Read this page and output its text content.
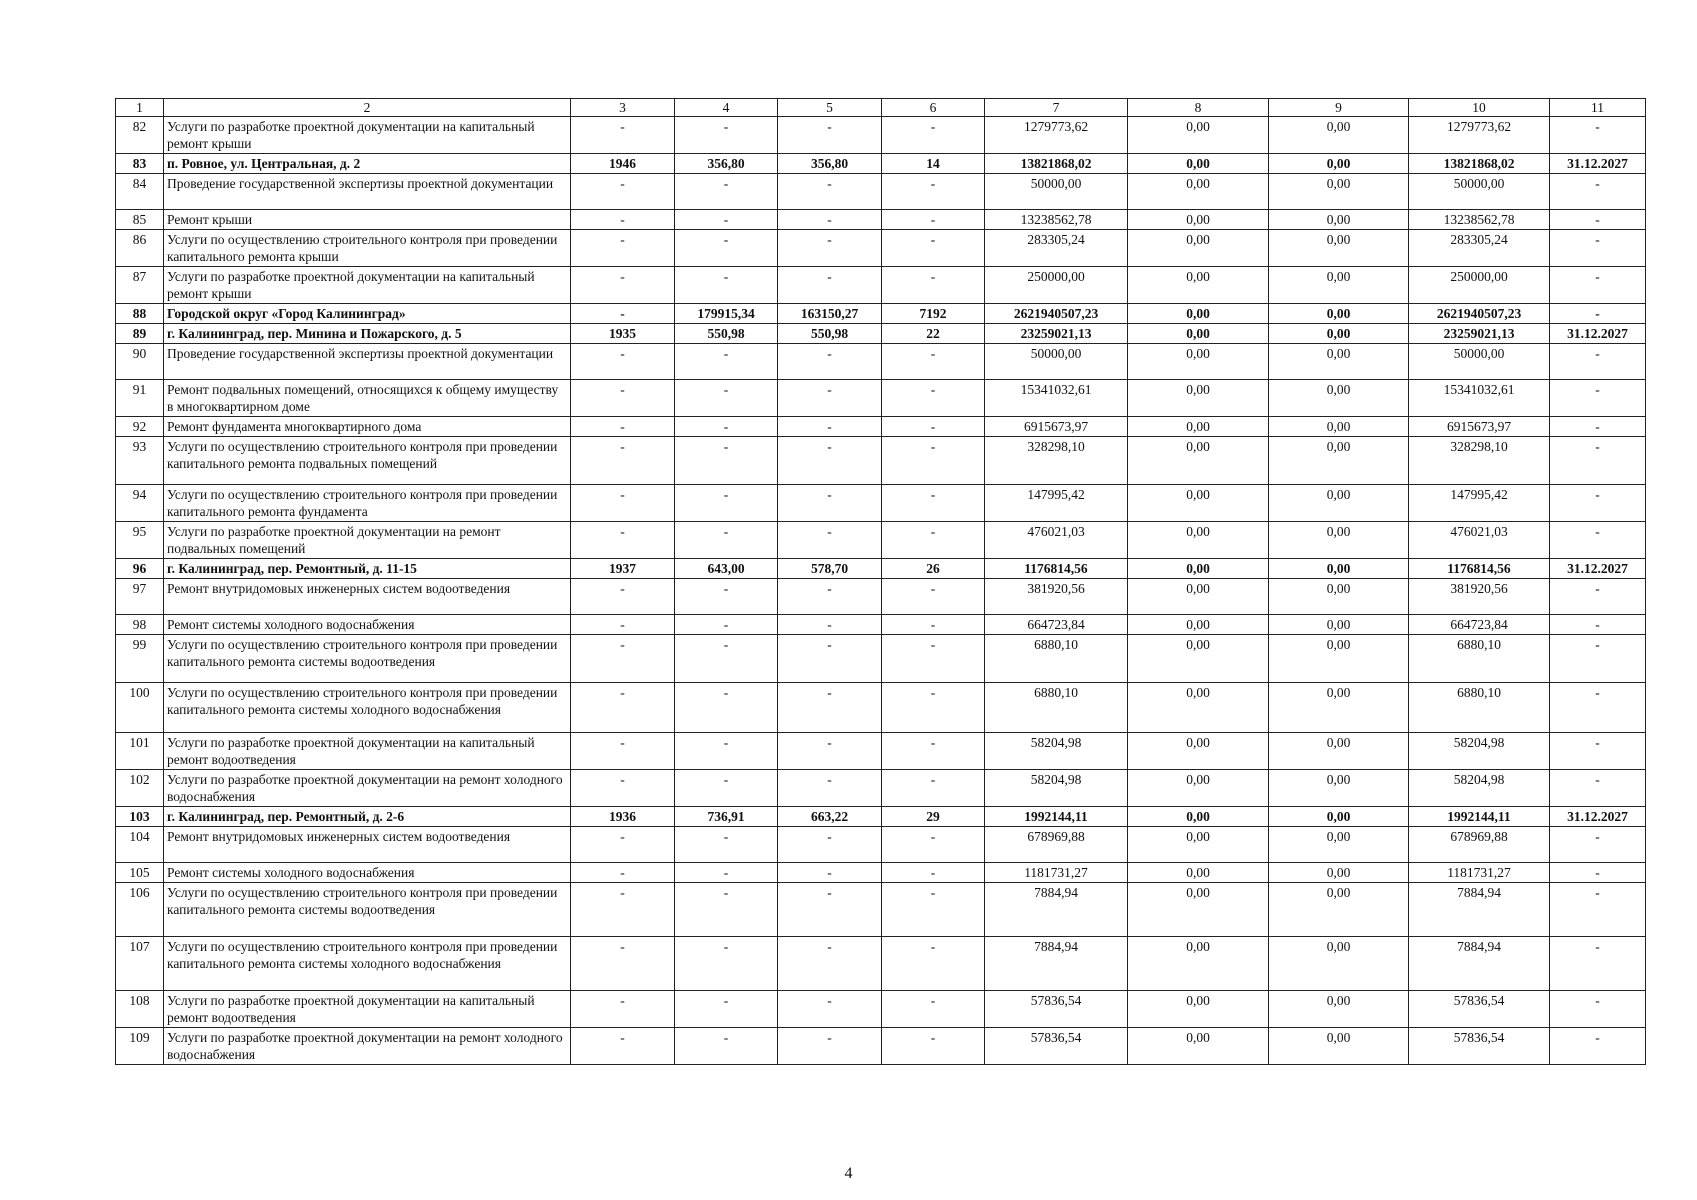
1	2	3	4	5	6	7	8	9	10	11
82	Услуги по разработке проектной документации на капитальный ремонт крыши	-	-	-	-	1279773,62	0,00	0,00	1279773,62	-
83	п. Ровное, ул. Центральная, д. 2	1946	356,80	356,80	14	13821868,02	0,00	0,00	13821868,02	31.12.2027
84	Проведение государственной экспертизы проектной документации	-	-	-	-	50000,00	0,00	0,00	50000,00	-
85	Ремонт крыши	-	-	-	-	13238562,78	0,00	0,00	13238562,78	-
86	Услуги по осуществлению строительного контроля при проведении капитального ремонта крыши	-	-	-	-	283305,24	0,00	0,00	283305,24	-
87	Услуги по разработке проектной документации на капитальный ремонт крыши	-	-	-	-	250000,00	0,00	0,00	250000,00	-
88	Городской округ «Город Калининград»	-	179915,34	163150,27	7192	2621940507,23	0,00	0,00	2621940507,23	-
89	г. Калининград, пер. Минина и Пожарского, д. 5	1935	550,98	550,98	22	23259021,13	0,00	0,00	23259021,13	31.12.2027
90	Проведение государственной экспертизы проектной документации	-	-	-	-	50000,00	0,00	0,00	50000,00	-
91	Ремонт подвальных помещений, относящихся к общему имуществу в многоквартирном доме	-	-	-	-	15341032,61	0,00	0,00	15341032,61	-
92	Ремонт фундамента многоквартирного дома	-	-	-	-	6915673,97	0,00	0,00	6915673,97	-
93	Услуги по осуществлению строительного контроля при проведении капитального ремонта подвальных помещений	-	-	-	-	328298,10	0,00	0,00	328298,10	-
94	Услуги по осуществлению строительного контроля при проведении капитального ремонта фундамента	-	-	-	-	147995,42	0,00	0,00	147995,42	-
95	Услуги по разработке проектной документации на ремонт подвальных помещений	-	-	-	-	476021,03	0,00	0,00	476021,03	-
96	г. Калининград, пер. Ремонтный, д. 11-15	1937	643,00	578,70	26	1176814,56	0,00	0,00	1176814,56	31.12.2027
97	Ремонт внутридомовых инженерных систем водоотведения	-	-	-	-	381920,56	0,00	0,00	381920,56	-
98	Ремонт системы холодного водоснабжения	-	-	-	-	664723,84	0,00	0,00	664723,84	-
99	Услуги по осуществлению строительного контроля при проведении капитального ремонта системы водоотведения	-	-	-	-	6880,10	0,00	0,00	6880,10	-
100	Услуги по осуществлению строительного контроля при проведении капитального ремонта системы холодного водоснабжения	-	-	-	-	6880,10	0,00	0,00	6880,10	-
101	Услуги по разработке проектной документации на капитальный ремонт водоотведения	-	-	-	-	58204,98	0,00	0,00	58204,98	-
102	Услуги по разработке проектной документации на ремонт холодного водоснабжения	-	-	-	-	58204,98	0,00	0,00	58204,98	-
103	г. Калининград, пер. Ремонтный, д. 2-6	1936	736,91	663,22	29	1992144,11	0,00	0,00	1992144,11	31.12.2027
104	Ремонт внутридомовых инженерных систем водоотведения	-	-	-	-	678969,88	0,00	0,00	678969,88	-
105	Ремонт системы холодного водоснабжения	-	-	-	-	1181731,27	0,00	0,00	1181731,27	-
106	Услуги по осуществлению строительного контроля при проведении капитального ремонта системы водоотведения	-	-	-	-	7884,94	0,00	0,00	7884,94	-
107	Услуги по осуществлению строительного контроля при проведении капитального ремонта системы холодного водоснабжения	-	-	-	-	7884,94	0,00	0,00	7884,94	-
108	Услуги по разработке проектной документации на капитальный ремонт водоотведения	-	-	-	-	57836,54	0,00	0,00	57836,54	-
109	Услуги по разработке проектной документации на ремонт холодного водоснабжения	-	-	-	-	57836,54	0,00	0,00	57836,54	-
4
